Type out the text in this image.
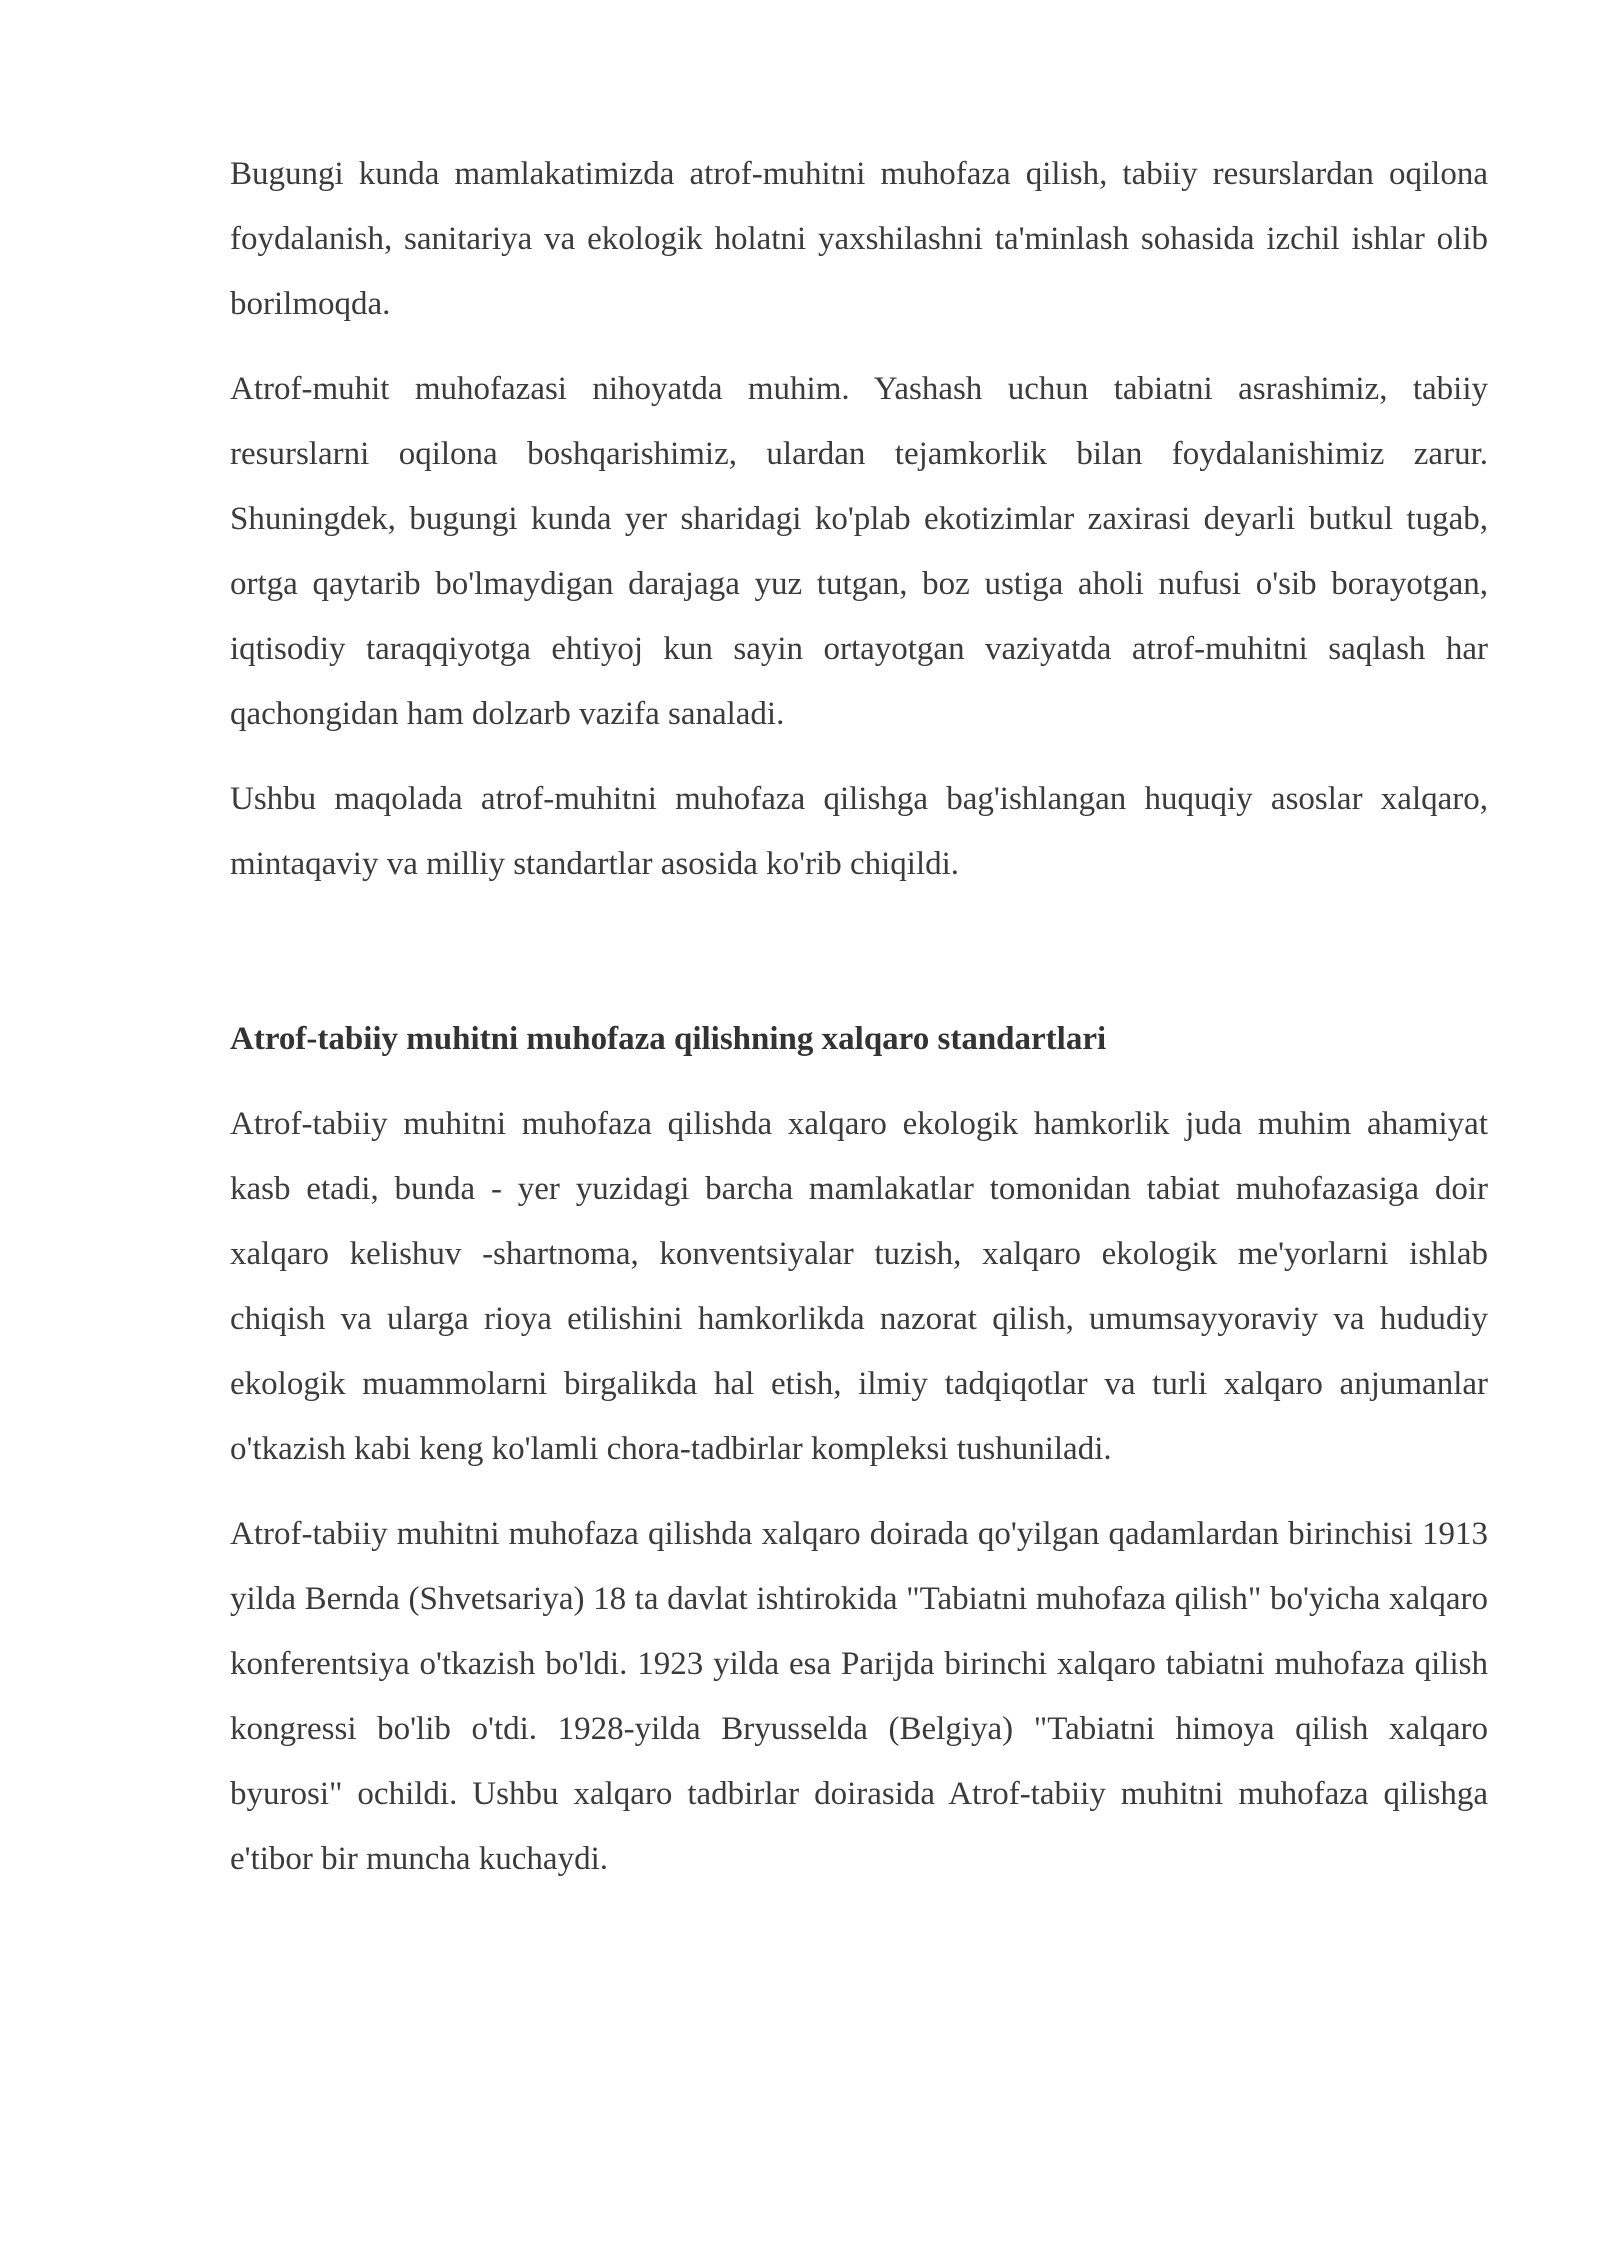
Bugungi kunda mamlakatimizda atrof-muhitni muhofaza qilish, tabiiy resurslardan oqilona foydalanish, sanitariya va ekologik holatni yaxshilashni ta'minlash sohasida izchil ishlar olib borilmoqda.

Atrof-muhit muhofazasi nihoyatda muhim. Yashash uchun tabiatni asrashimiz, tabiiy resurslarni oqilona boshqarishimiz, ulardan tejamkorlik bilan foydalanishimiz zarur. Shuningdek, bugungi kunda yer sharidagi ko'plab ekotizimlar zaxirasi deyarli butkul tugab, ortga qaytarib bo'lmaydigan darajaga yuz tutgan, boz ustiga aholi nufusi o'sib borayotgan, iqtisodiy taraqqiyotga ehtiyoj kun sayin ortayotgan vaziyatda atrof-muhitni saqlash har qachongidan ham dolzarb vazifa sanaladi.

Ushbu maqolada atrof-muhitni muhofaza qilishga bag'ishlangan huquqiy asoslar xalqaro, mintaqaviy va milliy standartlar asosida ko'rib chiqildi.

Atrof-tabiiy muhitni muhofaza qilishning xalqaro standartlari

Atrof-tabiiy muhitni muhofaza qilishda xalqaro ekologik hamkorlik juda muhim ahamiyat kasb etadi, bunda - yer yuzidagi barcha mamlakatlar tomonidan tabiat muhofazasiga doir xalqaro kelishuv -shartnoma, konventsiyalar tuzish, xalqaro ekologik me'yorlarni ishlab chiqish va ularga rioya etilishini hamkorlikda nazorat qilish, umumsayyoraviy va hududiy ekologik muammolarni birgalikda hal etish, ilmiy tadqiqotlar va turli xalqaro anjumanlar o'tkazish kabi keng ko'lamli chora-tadbirlar kompleksi tushuniladi.

Atrof-tabiiy muhitni muhofaza qilishda xalqaro doirada qo'yilgan qadamlardan birinchisi 1913 yilda Bernda (Shvetsariya) 18 ta davlat ishtirokida "Tabiatni muhofaza qilish" bo'yicha xalqaro konferentsiya o'tkazish bo'ldi. 1923 yilda esa Parijda birinchi xalqaro tabiatni muhofaza qilish kongressi bo'lib o'tdi. 1928-yilda Bryusselda (Belgiya) "Tabiatni himoya qilish xalqaro byurosi" ochildi. Ushbu xalqaro tadbirlar doirasida Atrof-tabiiy muhitni muhofaza qilishga e'tibor bir muncha kuchaydi.
